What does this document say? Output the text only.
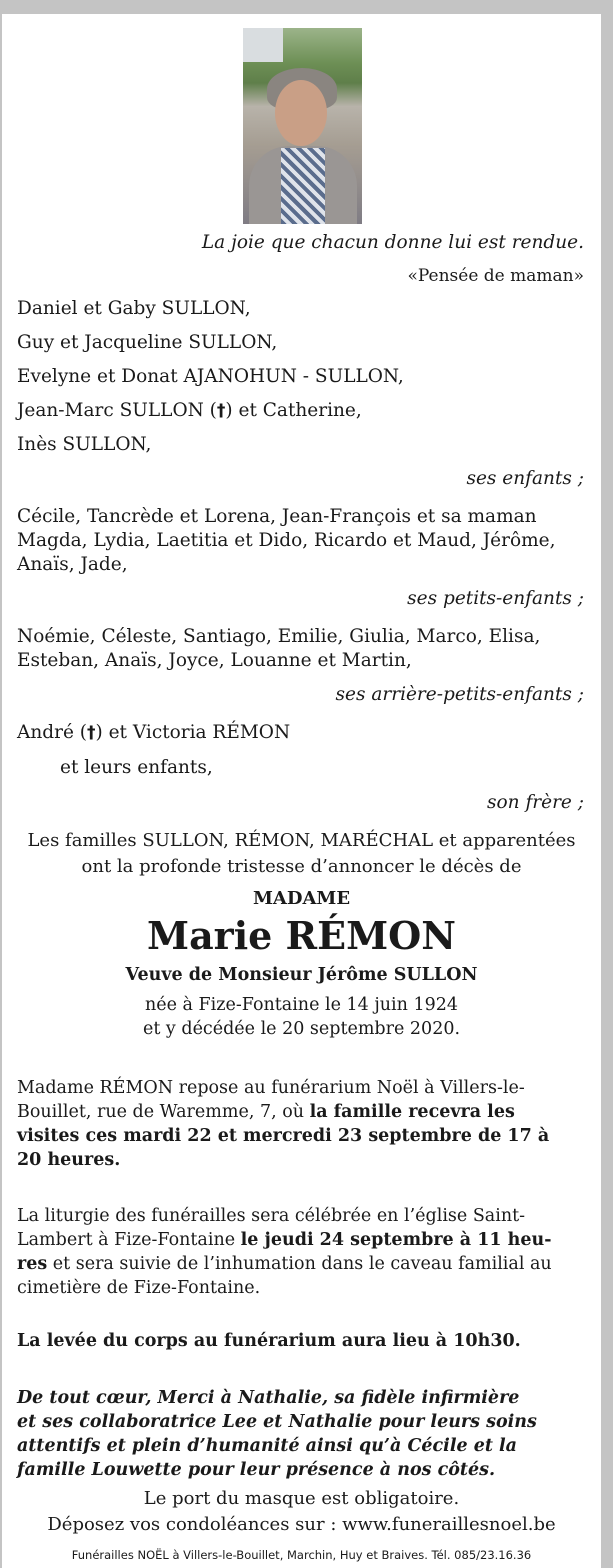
La joie que chacun donne lui est rendue.
«Pensée de maman»
Daniel et Gaby SULLON,
Guy et Jacqueline SULLON,
Evelyne et Donat AJANOHUN - SULLON,
Jean-Marc SULLON (†) et Catherine,
Inès SULLON,
ses enfants ;
Cécile, Tancrède et Lorena, Jean-François et sa maman
Magda, Lydia, Laetitia et Dido, Ricardo et Maud, Jérôme,
Anaïs, Jade,
ses petits-enfants ;
Noémie, Céleste, Santiago, Emilie, Giulia, Marco, Elisa,
Esteban, Anaïs, Joyce, Louanne et Martin,
ses arrière-petits-enfants ;
André (†) et Victoria RÉMON
et leurs enfants,
son frère ;
Les familles SULLON, RÉMON, MARÉCHAL et apparentées
ont la profonde tristesse d’annoncer le décès de
MADAME
Marie RÉMON
Veuve de Monsieur Jérôme SULLON
née à Fize-Fontaine le 14 juin 1924
et y décédée le 20 septembre 2020.
Madame RÉMON repose au funérarium Noël à Villers-le-
Bouillet, rue de Waremme, 7, où la famille recevra les
visites ces mardi 22 et mercredi 23 septembre de 17 à
20 heures.
La liturgie des funérailles sera célébrée en l’église Saint-
Lambert à Fize-Fontaine le jeudi 24 septembre à 11 heu-
res et sera suivie de l’inhumation dans le caveau familial au
cimetière de Fize-Fontaine.
La levée du corps au funérarium aura lieu à 10h30.
De tout cœur, Merci à Nathalie, sa fidèle infirmière
et ses collaboratrice Lee et Nathalie pour leurs soins
attentifs et plein d’humanité ainsi qu’à Cécile et la
famille Louwette pour leur présence à nos côtés.
Le port du masque est obligatoire.
Déposez vos condoléances sur : www.funeraillesnoel.be
Funérailles NOËL à Villers-le-Bouillet, Marchin, Huy et Braives. Tél. 085/23.16.36
